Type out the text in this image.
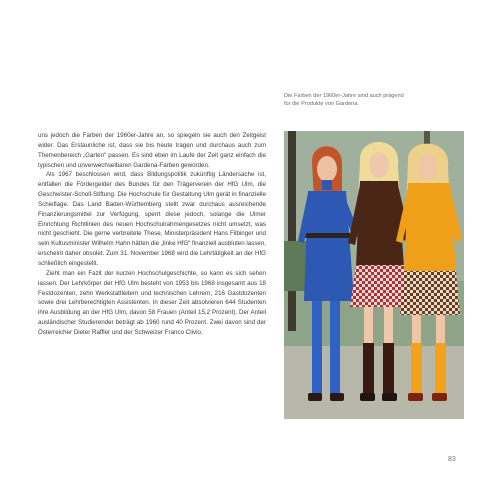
Die Farben der 1960er-Jahre sind auch prägend
für die Produkte von Gardena.

uns jedoch die Farben der 1960er-Jahre an, so spiegeln sie auch den Zeitgeist wider. Das Erstaunliche ist, dass sie bis heute tragen und durchaus auch zum Themenbereich „Garten“ passen. Es sind eben im Laufe der Zeit ganz einfach die typischen und unverwechselbaren Gardena-Farben geworden.

Als 1967 beschlossen wird, dass Bildungspolitik zukünftig Ländersache ist, entfallen die Fördergelder des Bundes für den Trägerverein der HfG Ulm, die Geschwister-Scholl-Stiftung. Die Hochschule für Gestaltung Ulm gerät in finanzielle Schieflage. Das Land Baden-Württemberg stellt zwar durchaus ausreichende Finanzierungsmittel zur Verfügung, sperrt diese jedoch, solange die Ulmer Einrichtung Richtlinien des neuen Hochschulrahmengesetzes nicht umsetzt, was nicht geschieht. Die gerne verbreitete These, Ministerpräsident Hans Filbinger und sein Kultusminister Wilhelm Hahn hätten die „linke HfG“ finanziell ausbluten lassen, erscheint daher obsolet. Zum 31. November 1968 wird die Lehrtätigkeit an der HfG schließlich eingestellt.

Zieht man ein Fazit der kurzen Hochschulgeschichte, so kann es sich sehen lassen. Der Lehrkörper der HfG Ulm besteht von 1953 bis 1968 insgesamt aus 18 Festdozenten, zehn Werkstattleitern und technischen Lehrern, 216 Gastdozenten sowie drei Lehrberechtigten Assistenten. In dieser Zeit absolvieren 644 Studenten ihre Ausbildung an der HfG Ulm, davon 58 Frauen (Anteil 15,2 Prozent). Der Anteil ausländischer Studierender beträgt ab 1960 rund 40 Prozent. Zwei davon sind der Österreicher Dieter Raffler und der Schweizer Franco Clivio.

83
